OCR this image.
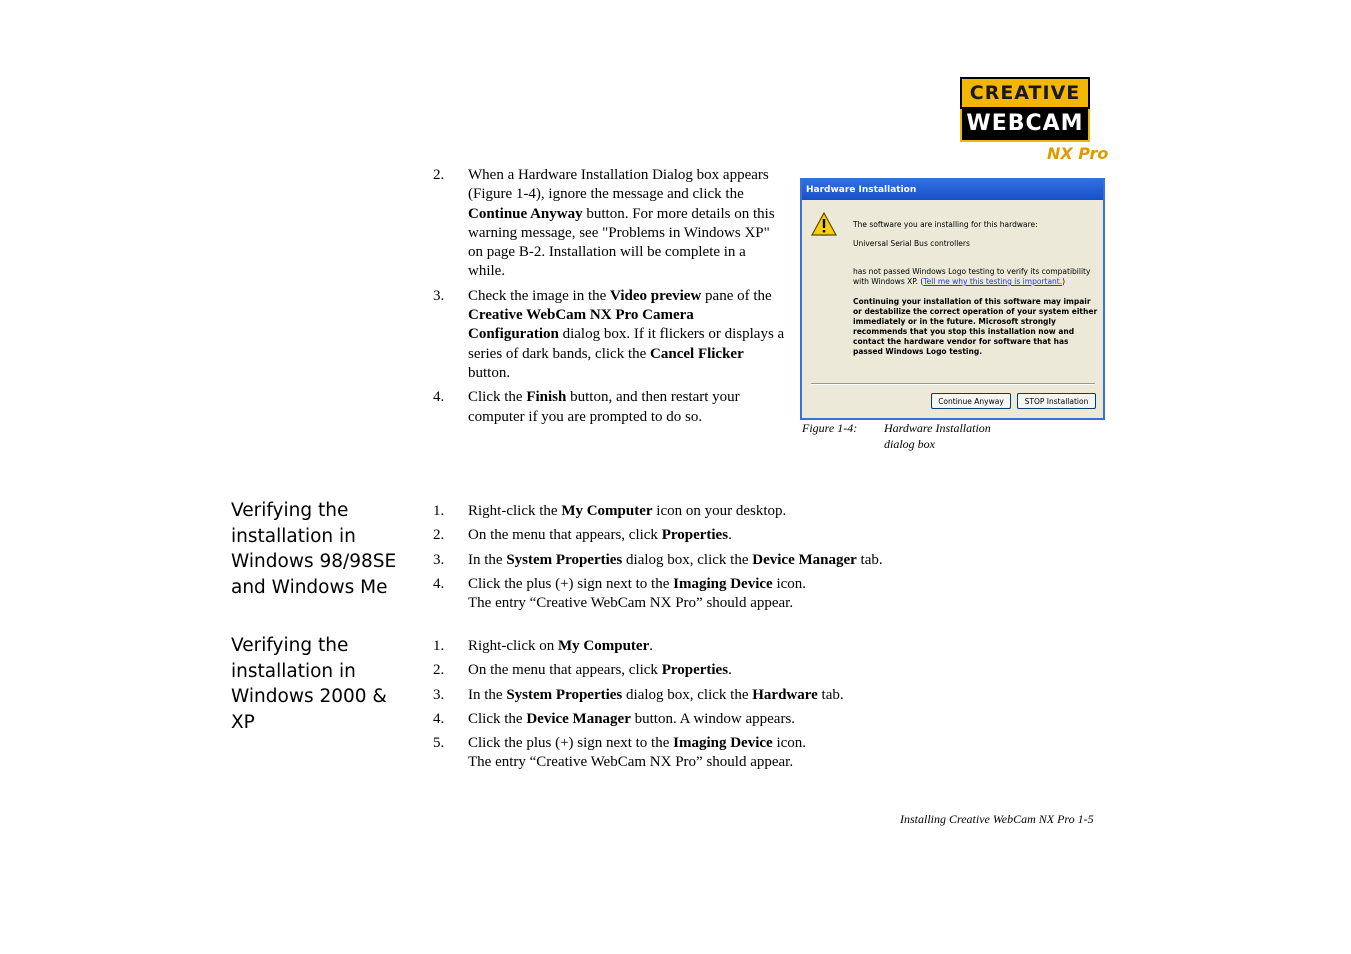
CREATIVE
WEBCAM
NX Pro
2. When a Hardware Installation Dialog box appears (Figure 1-4), ignore the message and click the Continue Anyway button. For more details on this warning message, see "Problems in Windows XP" on page B-2. Installation will be complete in a while.
3. Check the image in the Video preview pane of the Creative WebCam NX Pro Camera Configuration dialog box. If it flickers or displays a series of dark bands, click the Cancel Flicker button.
4. Click the Finish button, and then restart your computer if you are prompted to do so.
Hardware Installation
The software you are installing for this hardware:
Universal Serial Bus controllers
has not passed Windows Logo testing to verify its compatibility with Windows XP. (Tell me why this testing is important.)
Continuing your installation of this software may impair or destabilize the correct operation of your system either immediately or in the future. Microsoft strongly recommends that you stop this installation now and contact the hardware vendor for software that has passed Windows Logo testing.
Continue Anyway	STOP Installation
Figure 1-4:	Hardware Installation
dialog box
Verifying the
installation in
Windows 98/98SE
and Windows Me
1. Right-click the My Computer icon on your desktop.
2. On the menu that appears, click Properties.
3. In the System Properties dialog box, click the Device Manager tab.
4. Click the plus (+) sign next to the Imaging Device icon.
The entry “Creative WebCam NX Pro” should appear.
Verifying the
installation in
Windows 2000 &
XP
1. Right-click on My Computer.
2. On the menu that appears, click Properties.
3. In the System Properties dialog box, click the Hardware tab.
4. Click the Device Manager button. A window appears.
5. Click the plus (+) sign next to the Imaging Device icon.
The entry “Creative WebCam NX Pro” should appear.
Installing Creative WebCam NX Pro 1-5
